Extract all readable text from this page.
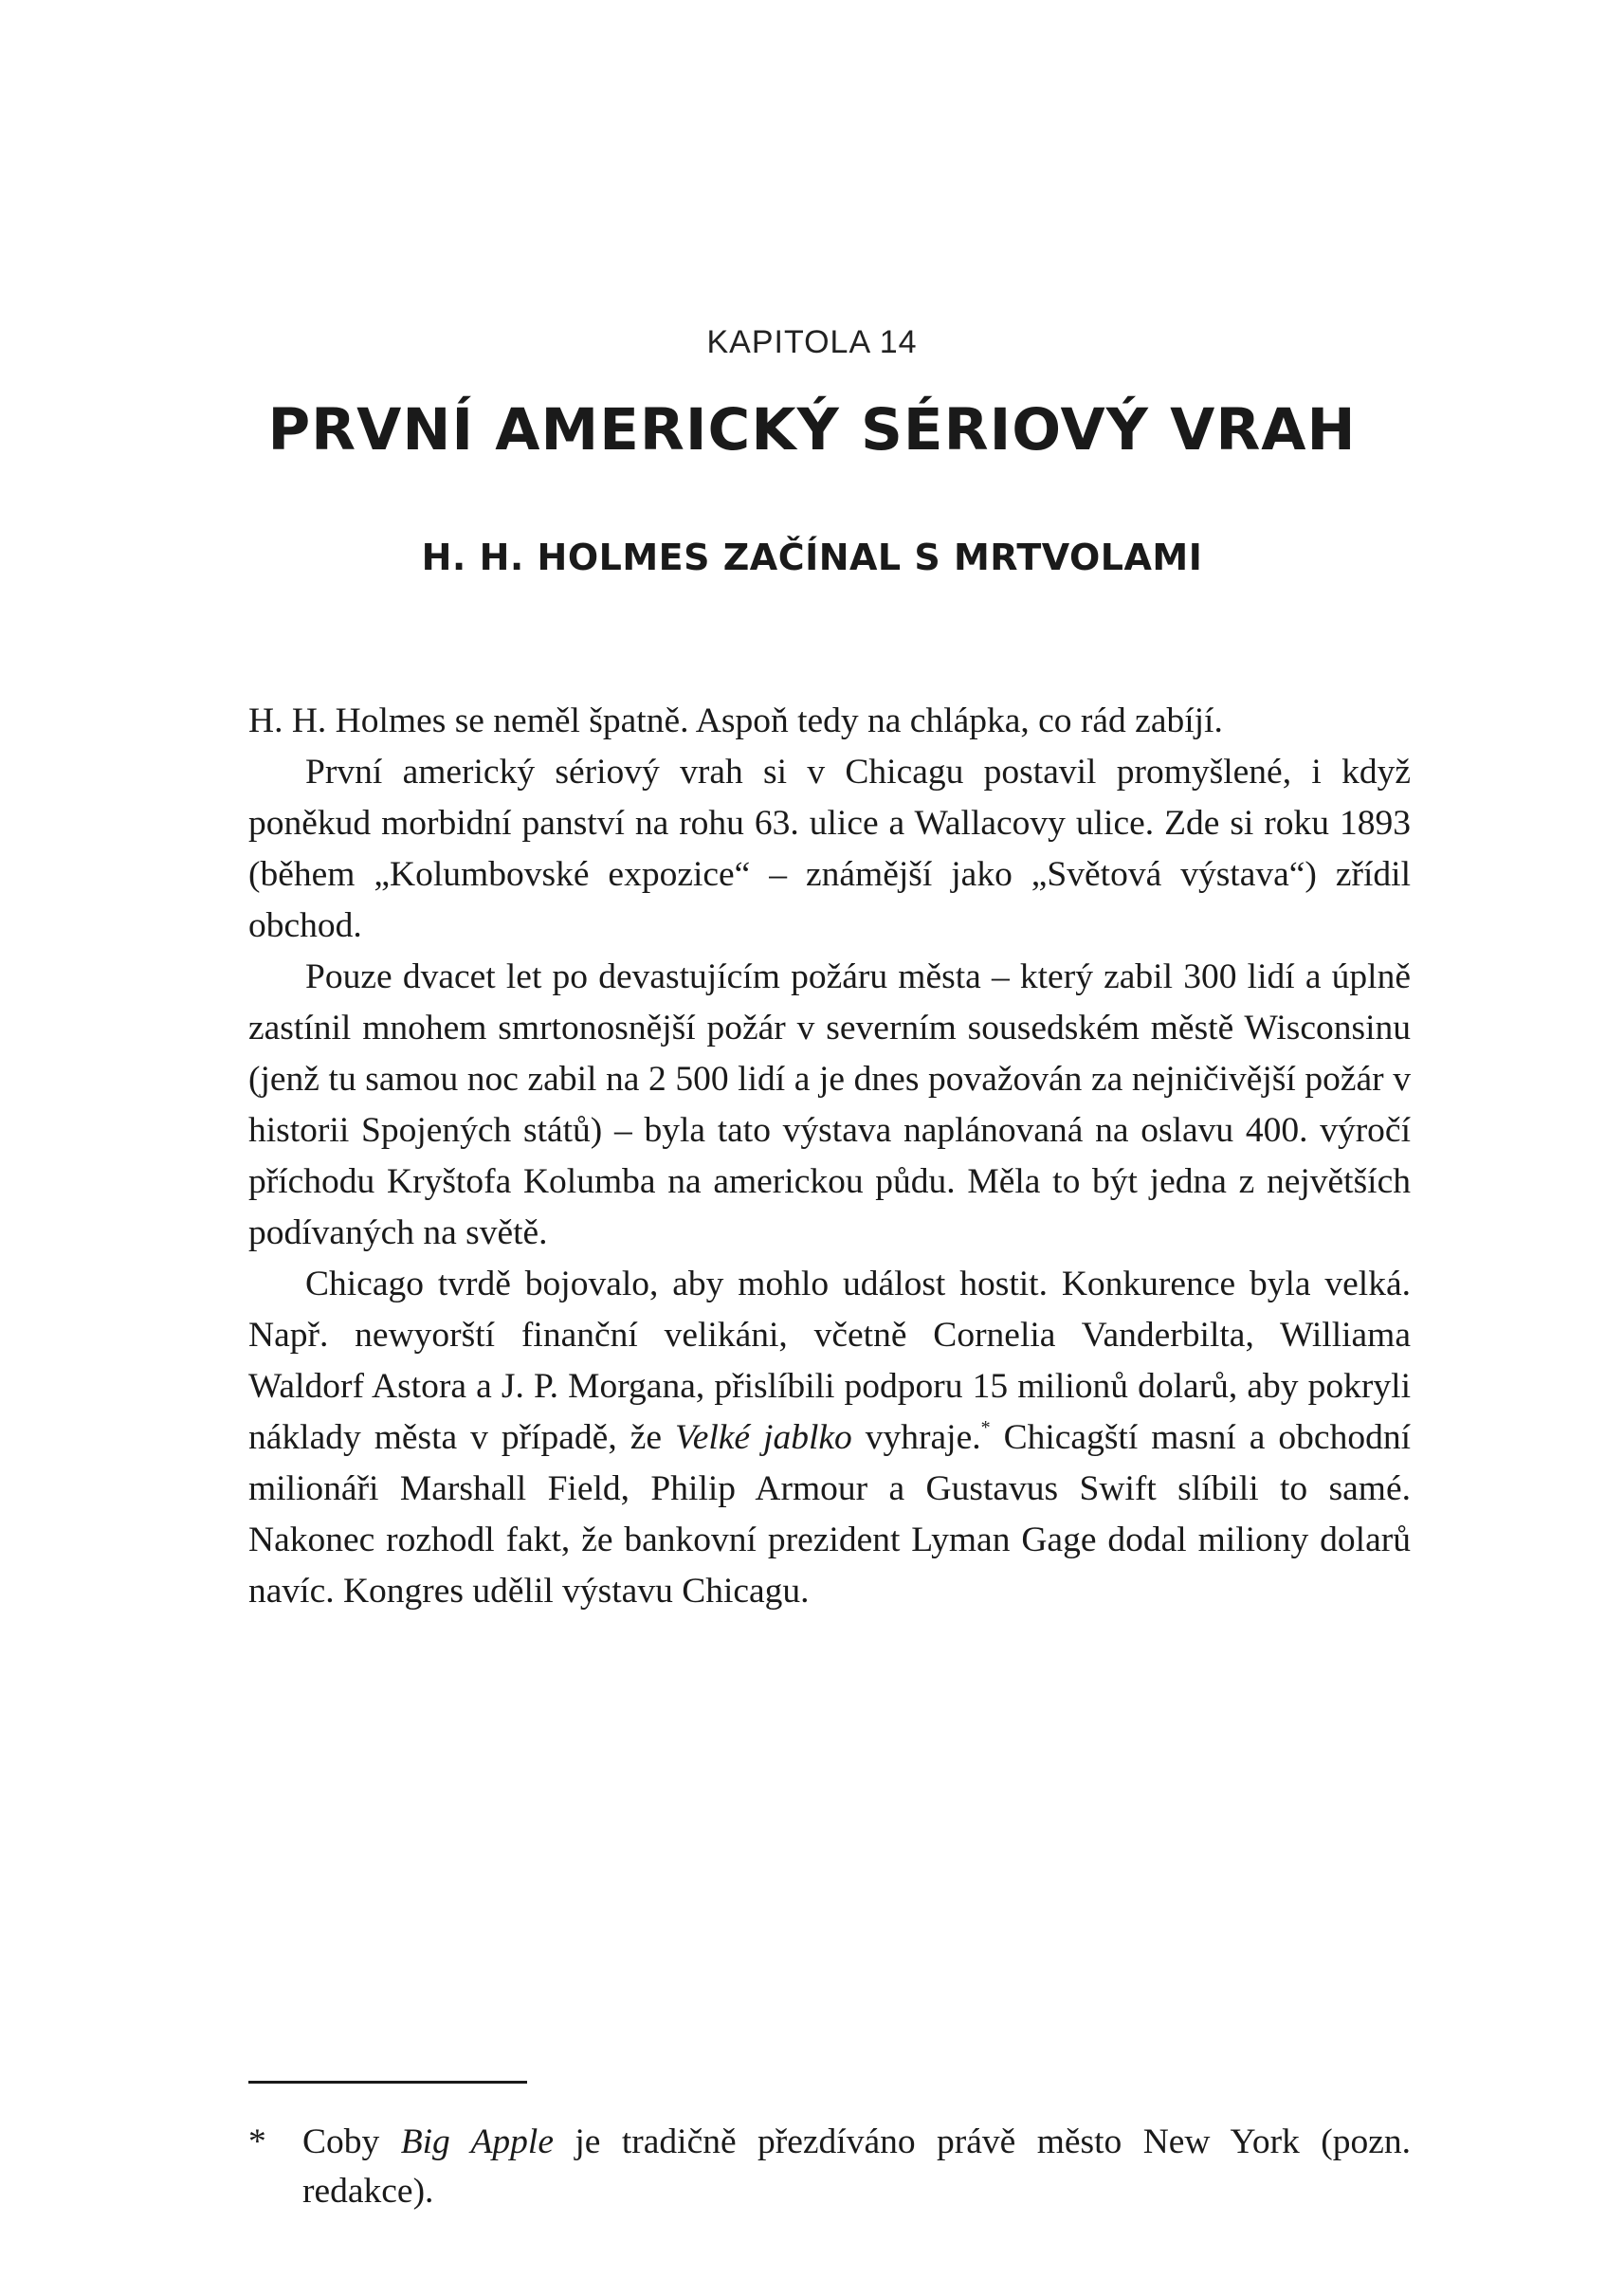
KAPITOLA 14
PRVNÍ AMERICKÝ SÉRIOVÝ VRAH
H. H. HOLMES ZAČÍNAL S MRTVOLAMI

H. H. Holmes se neměl špatně. Aspoň tedy na chlápka, co rád zabíjí.

První americký sériový vrah si v Chicagu postavil promyšlené, i když poněkud morbidní panství na rohu 63. ulice a Wallacovy ulice. Zde si roku 1893 (během „Kolumbovské expozice“ – známější jako „Světová výstava“) zřídil obchod.

Pouze dvacet let po devastujícím požáru města – který zabil 300 lidí a úplně zastínil mnohem smrtonosnější požár v severním sousedském městě Wisconsinu (jenž tu samou noc zabil na 2 500 lidí a je dnes považován za nejničivější požár v historii Spojených států) – byla tato výstava naplánovaná na oslavu 400. výročí příchodu Kryštofa Kolumba na americkou půdu. Měla to být jedna z největších podívaných na světě.

Chicago tvrdě bojovalo, aby mohlo událost hostit. Konkurence byla velká. Např. newyorští finanční velikáni, včetně Cornelia Vanderbilta, Williama Waldorf Astora a J. P. Morgana, přislíbili podporu 15 milionů dolarů, aby pokryli náklady města v případě, že Velké jablko vyhraje.* Chicagští masní a obchodní milionáři Marshall Field, Philip Armour a Gustavus Swift slíbili to samé. Nakonec rozhodl fakt, že bankovní prezident Lyman Gage dodal miliony dolarů navíc. Kongres udělil výstavu Chicagu.

* Coby Big Apple je tradičně přezdíváno právě město New York (pozn. redakce).
